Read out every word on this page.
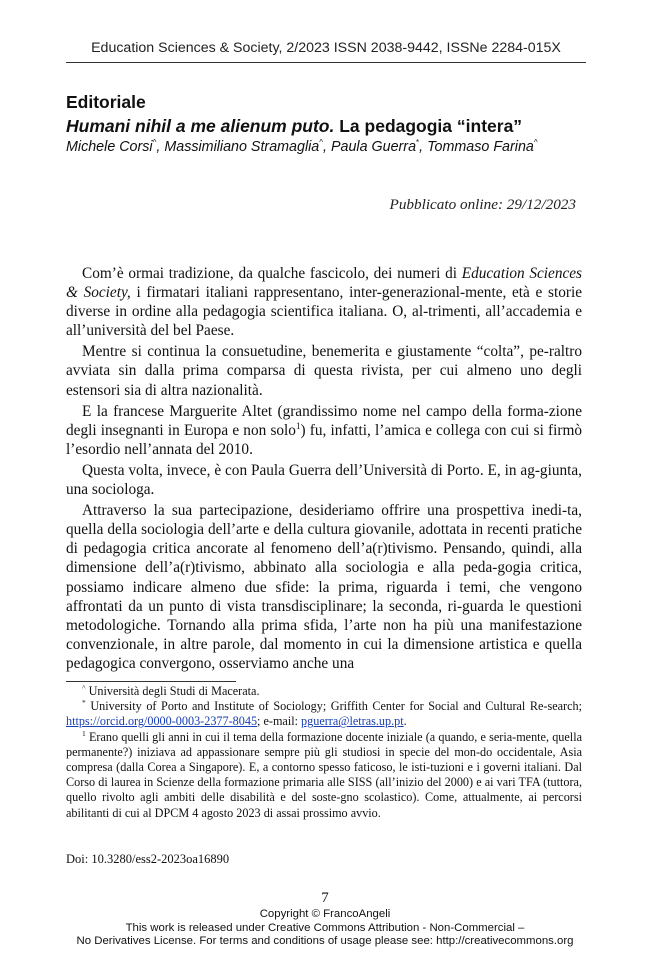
Education Sciences & Society, 2/2023 ISSN 2038-9442, ISSNe 2284-015X
Editoriale
Humani nihil a me alienum puto. La pedagogia “intera”
Michele Corsi^, Massimiliano Stramaglia^, Paula Guerra*, Tommaso Farina^
Pubblicato online: 29/12/2023

Com’è ormai tradizione, da qualche fascicolo, dei numeri di Education Sciences & Society, i firmatari italiani rappresentano, inter-generazional-mente, età e storie diverse in ordine alla pedagogia scientifica italiana. O, al-trimenti, all’accademia e all’università del bel Paese.

Mentre si continua la consuetudine, benemerita e giustamente “colta”, pe-raltro avviata sin dalla prima comparsa di questa rivista, per cui almeno uno degli estensori sia di altra nazionalità.

E la francese Marguerite Altet (grandissimo nome nel campo della forma-zione degli insegnanti in Europa e non solo$^1$) fu, infatti, l’amica e collega con cui si firmò l’esordio nell’annata del 2010.

Questa volta, invece, è con Paula Guerra dell’Università di Porto. E, in ag-giunta, una sociologa.

Attraverso la sua partecipazione, desideriamo offrire una prospettiva inedi-ta, quella della sociologia dell’arte e della cultura giovanile, adottata in recenti pratiche di pedagogia critica ancorate al fenomeno dell’a(r)tivismo. Pensando, quindi, alla dimensione dell’a(r)tivismo, abbinato alla sociologia e alla peda-gogia critica, possiamo indicare almeno due sfide: la prima, riguarda i temi, che vengono affrontati da un punto di vista transdisciplinare; la seconda, ri-guarda le questioni metodologiche. Tornando alla prima sfida, l’arte non ha più una manifestazione convenzionale, in altre parole, dal momento in cui la dimensione artistica e quella pedagogica convergono, osserviamo anche una

^ Università degli Studi di Macerata.

* University of Porto and Institute of Sociology; Griffith Center for Social and Cultural Re-search; https://orcid.org/0000-0003-2377-8045; e-mail: pguerra@letras.up.pt.

$^1$ Erano quelli gli anni in cui il tema della formazione docente iniziale (a quando, e seria-mente, quella permanente?) iniziava ad appassionare sempre più gli studiosi in specie del mon-do occidentale, Asia compresa (dalla Corea a Singapore). E, a contorno spesso faticoso, le isti-tuzioni e i governi italiani. Dal Corso di laurea in Scienze della formazione primaria alle SISS (all’inizio del 2000) e ai vari TFA (tuttora, quello rivolto agli ambiti delle disabilità e del soste-gno scolastico). Come, attualmente, ai percorsi abilitanti di cui al DPCM 4 agosto 2023 di assai prossimo avvio.

Doi: 10.3280/ess2-2023oa16890
7
Copyright © FrancoAngeli
This work is released under Creative Commons Attribution - Non-Commercial –
No Derivatives License. For terms and conditions of usage please see: http://creativecommons.org
